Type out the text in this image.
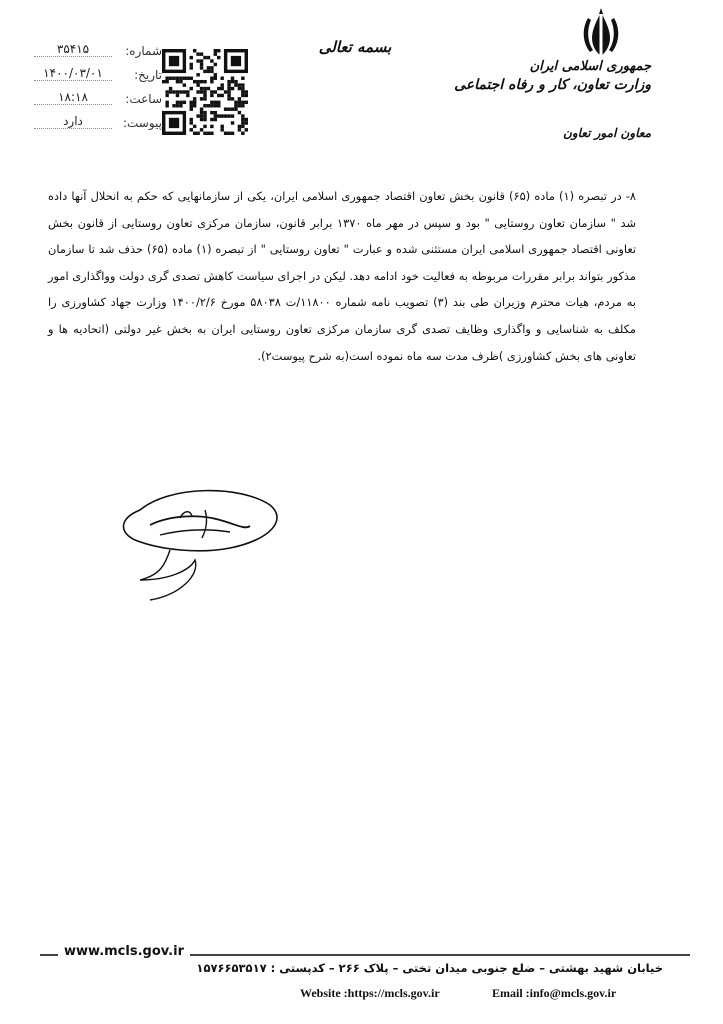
جمهوری اسلامی ایران
وزارت تعاون، کار و رفاه اجتماعی
معاون امور تعاون
بسمه تعالی
شماره:
۳۵۴۱۵
تاریخ:
۱۴۰۰/۰۳/۰۱
ساعت:
۱۸:۱۸
پیوست:
دارد

۸- در تبصره (۱) ماده (۶۵) قانون بخش تعاون اقتصاد جمهوری اسلامی ایران، یکی از سازمانهایی که حکم به انحلال آنها داده شد " سازمان تعاون روستایی " بود و سپس در مهر ماه ۱۳۷۰ برابر قانون، سازمان مرکزی تعاون روستایی از قانون بخش تعاونی اقتصاد جمهوری اسلامی ایران مستثنی شده و عبارت " تعاون روستایی " از تبصره (۱) ماده (۶۵) حذف شد تا سازمان مذکور بتواند برابر مقررات مربوطه به فعالیت خود ادامه دهد. لیکن در اجرای سیاست کاهش تصدی گری دولت وواگذاری امور به مردم، هیات محترم وزیران طی بند (۳) تصویب نامه شماره ۱۱۸۰۰/ت ۵۸۰۳۸ مورخ ۱۴۰۰/۲/۶ وزارت جهاد کشاورزی را مکلف به شناسایی و واگذاری وظایف تصدی گری سازمان مرکزی تعاون روستایی ایران به بخش غیر دولتی (اتحادیه ها و تعاونی های بخش کشاورزی )ظرف مدت سه ماه نموده است(به شرح پیوست۲).

www.mcls.gov.ir
خیابان شهید بهشتی – ضلع جنوبی میدان تختی – پلاک ۲۶۶ – کدپستی : ۱۵۷۶۶۵۳۵۱۷
Website :https://mcls.gov.ir	Email :info@mcls.gov.ir
